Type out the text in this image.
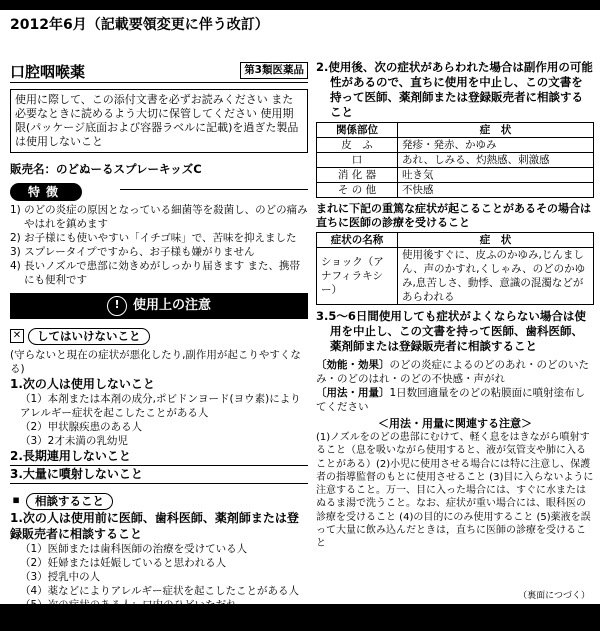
2012年6月（記載要領変更に伴う改訂）
口腔咽喉薬	第3類医薬品
使用に際して、この添付文書を必ずお読みください また必要なときに読めるよう大切に保管してください 使用期限(パッケージ底面および容器ラベルに記載)を過ぎた製品は使用しないこと
販売名：のどぬーるスプレーキッズC
特徴
1) のどの炎症の原因となっている細菌等を殺菌し、のどの痛みやはれを鎮めます
2) お子様にも使いやすい「イチゴ味」で、苦味を抑えました
3) スプレータイプですから、お子様も嫌がりません
4) 長いノズルで患部に効きめがしっかり届きます また、携帯にも便利です
! 使用上の注意
✕ してはいけないこと
(守らないと現在の症状が悪化したり,副作用が起こりやすくなる)
1.次の人は使用しないこと
（1）本剤または本剤の成分,ポビドンヨード(ヨウ素)によりアレルギー症状を起こしたことがある人
（2）甲状腺疾患のある人
（3）2才未満の乳幼児
2.長期連用しないこと
3.大量に噴射しないこと
◾ 相談すること
1.次の人は使用前に医師、歯科医師、薬剤師または登録販売者に相談すること
（1）医師または歯科医師の治療を受けている人
（2）妊婦または妊娠していると思われる人
（3）授乳中の人
（4）薬などによりアレルギー症状を起こしたことがある人
2.使用後、次の症状があらわれた場合は副作用の可能性があるので、直ちに使用を中止し、この文書を持って医師、薬剤師または登録販売者に相談すること
関係部位	症　状
皮　ふ	発疹・発赤、かゆみ
口	あれ、しみる、灼熱感、刺激感
消 化 器	吐き気
そ の 他	不快感
まれに下記の重篤な症状が起こることがあるその場合は直ちに医師の診療を受けること
症状の名称	症　状
ショック（アナフィラキシー）	使用後すぐに、皮ふのかゆみ,じんましん、声のかすれ,くしゃみ、のどのかゆみ,息苦しさ、動悸、意識の混濁などがあらわれる
3.5～6日間使用しても症状がよくならない場合は使用を中止し、この文書を持って医師、歯科医師、薬剤師または登録販売者に相談すること
〔効能・効果〕のどの炎症によるのどのあれ・のどのいたみ・のどのはれ・のどの不快感・声がれ
〔用法・用量〕1日数回適量をのどの粘膜面に噴射塗布してください
＜用法・用量に関連する注意＞
(1)ノズルをのどの患部にむけて、軽く息をはきながら噴射すること（息を吸いながら使用すると、液が気管支や肺に入ることがある）(2)小児に使用させる場合には特に注意し、保護者の指導監督のもとに使用させること (3)目に入らないように注意すること。万一、目に入った場合には、すぐに水またはぬるま湯で洗うこと。なお、症状が重い場合には、眼科医の診療を受けること (4)の目的にのみ使用すること (5)薬液を誤って大量に飲み込んだときは，直ちに医師の診療を受けること
（裏面につづく）
